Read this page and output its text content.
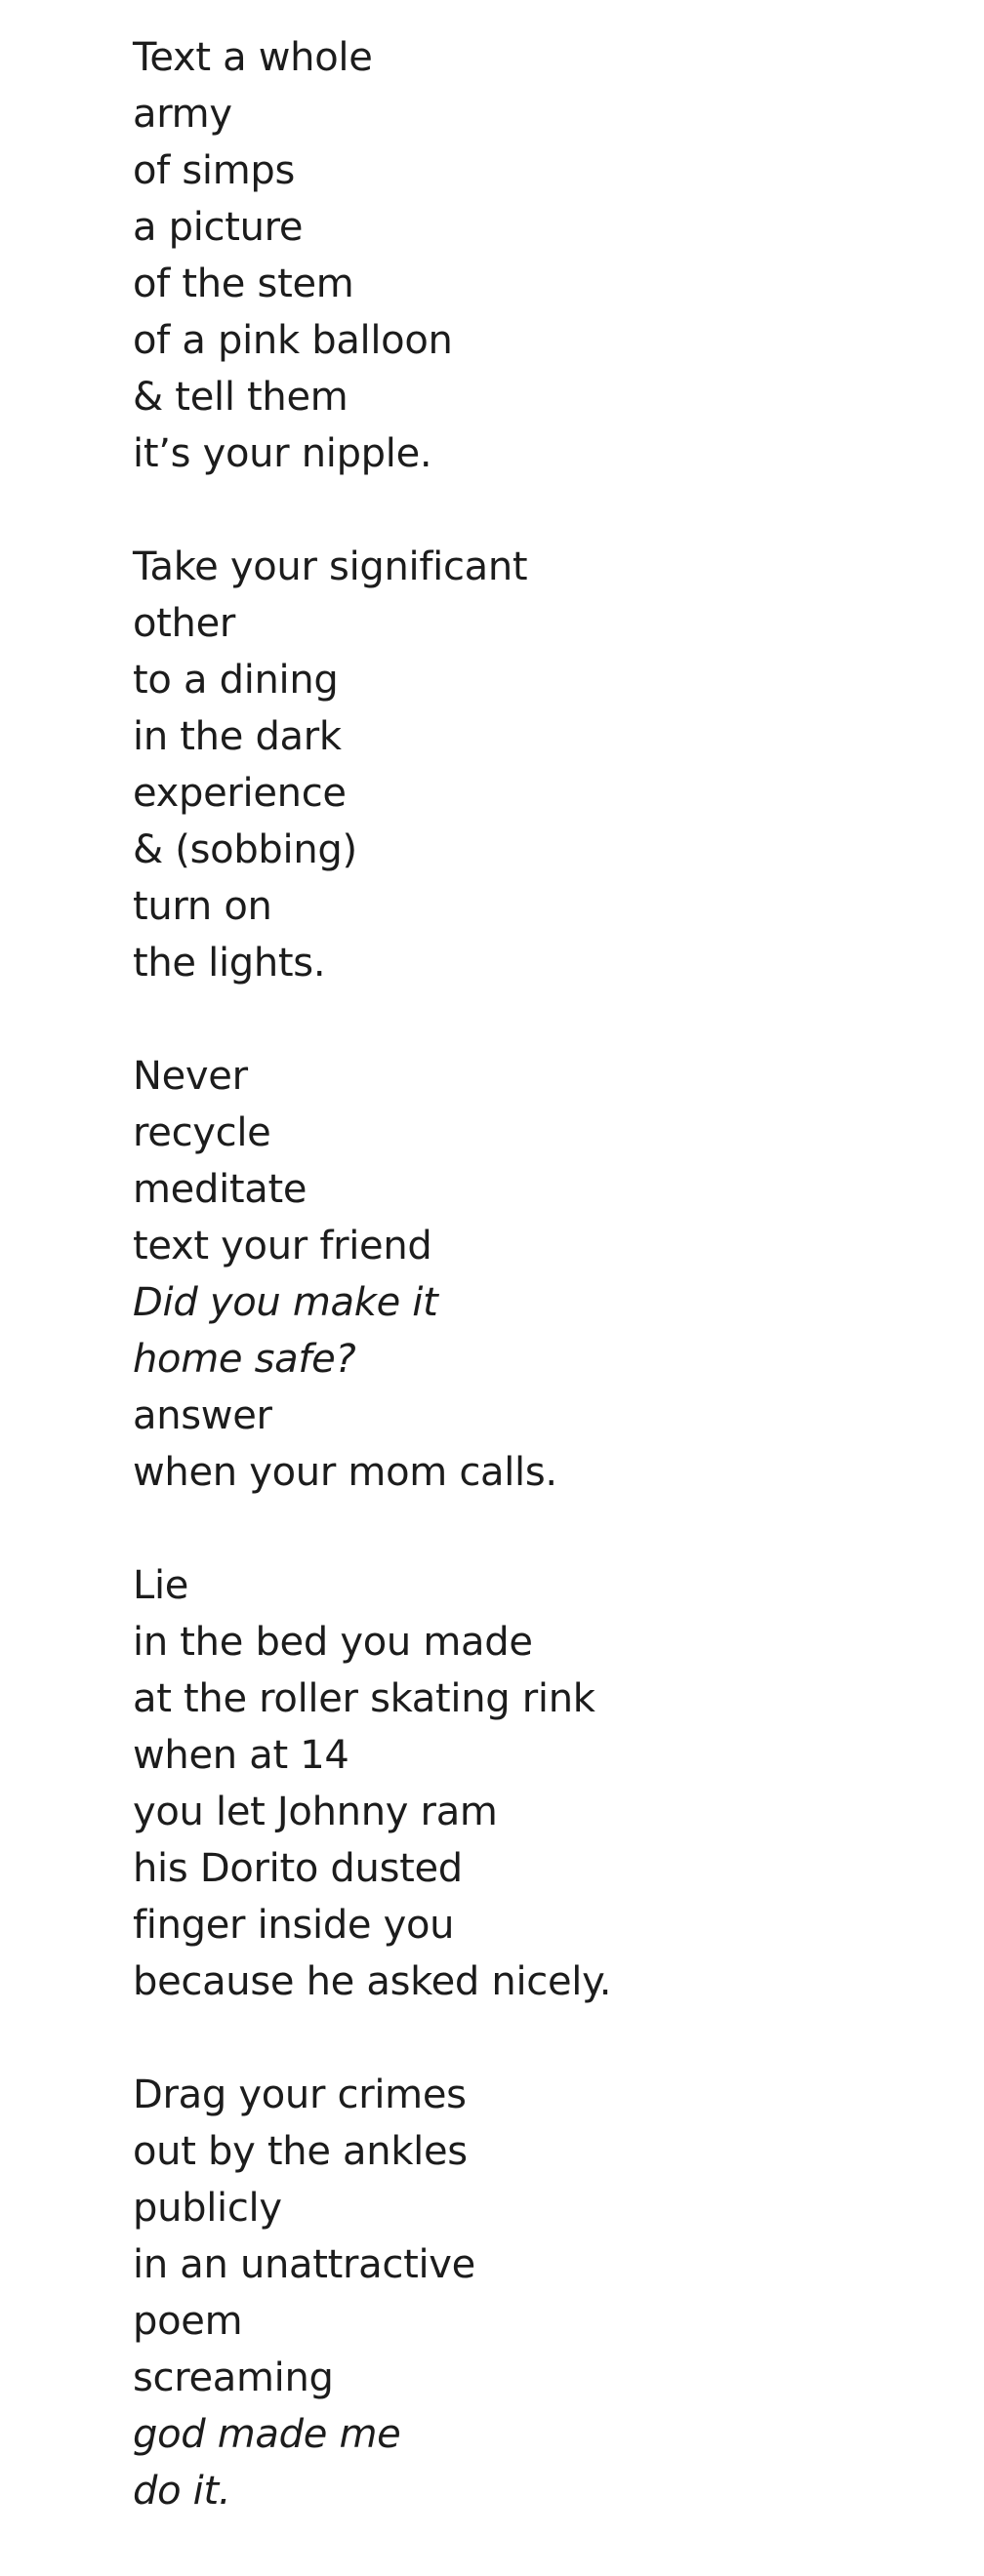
Text a whole
army
of simps
a picture
of the stem
of a pink balloon
& tell them
it’s your nipple.
Take your significant
other
to a dining
in the dark
experience
& (sobbing)
turn on
the lights.
Never
recycle
meditate
text your friend
Did you make it
home safe?
answer
when your mom calls.
Lie
in the bed you made
at the roller skating rink
when at 14
you let Johnny ram
his Dorito dusted
finger inside you
because he asked nicely.
Drag your crimes
out by the ankles
publicly
in an unattractive
poem
screaming
god made me
do it.
